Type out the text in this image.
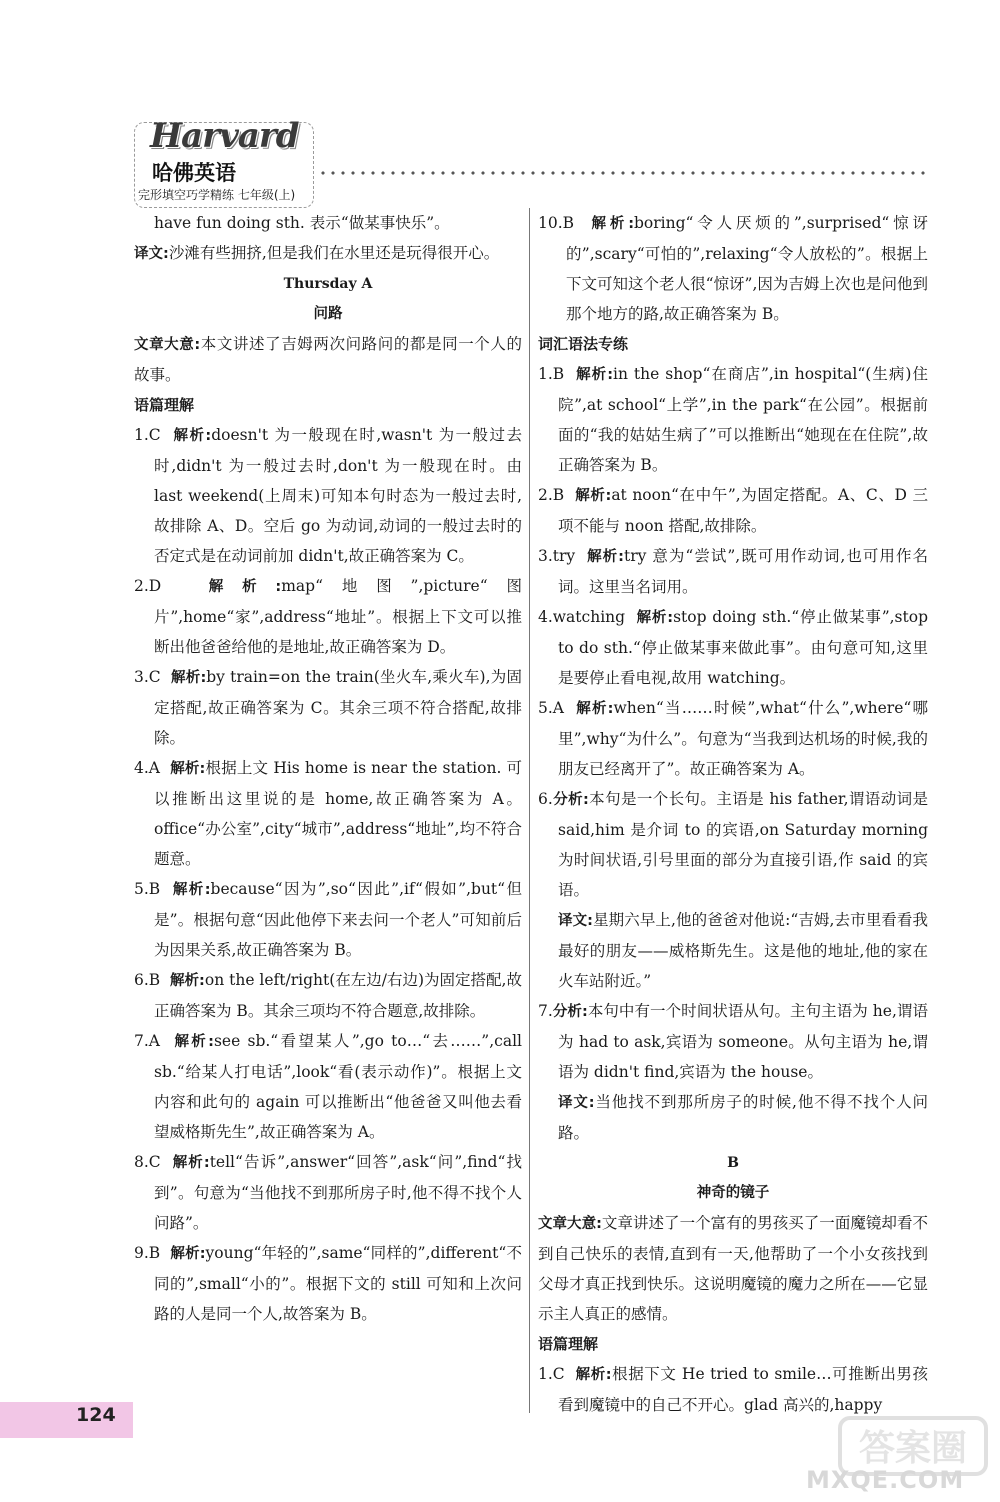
Harvard
哈佛英语
完形填空巧学精练 七年级(上)

have fun doing sth. 表示“做某事快乐”。

译文:沙滩有些拥挤,但是我们在水里还是玩得很开心。

Thursday A

问路

文章大意:本文讲述了吉姆两次问路问的都是同一个人的故事。

语篇理解

1.C 解析:doesn't 为一般现在时,wasn't 为一般过去时,didn't 为一般过去时,don't 为一般现在时。由 last weekend(上周末)可知本句时态为一般过去时,故排除 A、D。空后 go 为动词,动词的一般过去时的否定式是在动词前加 didn't,故正确答案为 C。

2.D	解析:map“地图”,picture“图片”,home“家”,address“地址”。根据上下文可以推断出他爸爸给他的是地址,故正确答案为 D。

3.C 解析:by train=on the train(坐火车,乘火车),为固定搭配,故正确答案为 C。其余三项不符合搭配,故排除。

4.A 解析:根据上文 His home is near the station. 可以推断出这里说的是 home,故正确答案为 A。office“办公室”,city“城市”,address“地址”,均不符合题意。

5.B 解析:because“因为”,so“因此”,if“假如”,but“但是”。根据句意“因此他停下来去问一个老人”可知前后为因果关系,故正确答案为 B。

6.B 解析:on the left/right(在左边/右边)为固定搭配,故正确答案为 B。其余三项均不符合题意,故排除。

7.A 解析:see sb.“看望某人”,go to…“去……”,call sb.“给某人打电话”,look“看(表示动作)”。根据上文内容和此句的 again 可以推断出“他爸爸又叫他去看望威格斯先生”,故正确答案为 A。

8.C 解析:tell“告诉”,answer“回答”,ask“问”,find“找到”。句意为“当他找不到那所房子时,他不得不找个人问路”。

9.B 解析:young“年轻的”,same“同样的”,different“不同的”,small“小的”。根据下文的 still 可知和上次问路的人是同一个人,故答案为 B。

10.B 解析:boring“令人厌烦的”,surprised“惊讶的”,scary“可怕的”,relaxing“令人放松的”。根据上下文可知这个老人很“惊讶”,因为吉姆上次也是问他到那个地方的路,故正确答案为 B。

词汇语法专练

1.B 解析:in the shop“在商店”,in hospital“(生病)住院”,at school“上学”,in the park“在公园”。根据前面的“我的姑姑生病了”可以推断出“她现在在住院”,故正确答案为 B。

2.B 解析:at noon“在中午”,为固定搭配。A、C、D 三项不能与 noon 搭配,故排除。

3.try 解析:try 意为“尝试”,既可用作动词,也可用作名词。这里当名词用。

4.watching 解析:stop doing sth.“停止做某事”,stop to do sth.“停止做某事来做此事”。由句意可知,这里是要停止看电视,故用 watching。

5.A 解析:when“当……时候”,what“什么”,where“哪里”,why“为什么”。句意为“当我到达机场的时候,我的朋友已经离开了”。故正确答案为 A。

6.分析:本句是一个长句。主语是 his father,谓语动词是 said,him 是介词 to 的宾语,on Saturday morning 为时间状语,引号里面的部分为直接引语,作 said 的宾语。

译文:星期六早上,他的爸爸对他说:“吉姆,去市里看看我最好的朋友——威格斯先生。这是他的地址,他的家在火车站附近。”

7.分析:本句中有一个时间状语从句。主句主语为 he,谓语为 had to ask,宾语为 someone。从句主语为 he,谓语为 didn't find,宾语为 the house。

译文:当他找不到那所房子的时候,他不得不找个人问路。

B

神奇的镜子

文章大意:文章讲述了一个富有的男孩买了一面魔镜却看不到自己快乐的表情,直到有一天,他帮助了一个小女孩找到父母才真正找到快乐。这说明魔镜的魔力之所在——它显示主人真正的感情。

语篇理解

1.C 解析:根据下文 He tried to smile…可推断出男孩看到魔镜中的自己不开心。glad 高兴的,happy

124
答案圈
MXQE.COM
